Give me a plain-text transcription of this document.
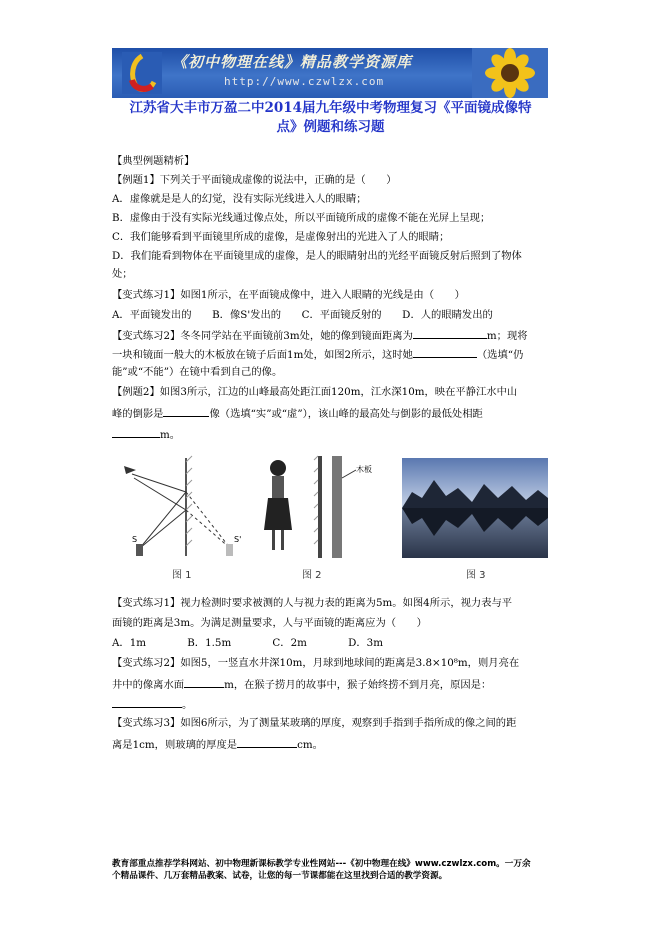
《初中物理在线》精品教学资源库
http://www.czwlzx.com
江苏省大丰市万盈二中2014届九年级中考物理复习《平面镜成像特
点》例题和练习题
【典型例题精析】
【例题1】下列关于平面镜成虚像的说法中，正确的是（　　）
A．虚像就是是人的幻觉，没有实际光线进入人的眼睛；
B．虚像由于没有实际光线通过像点处，所以平面镜所成的虚像不能在光屏上呈现；
C．我们能够看到平面镜里所成的虚像，是虚像射出的光进入了人的眼睛；
D．我们能看到物体在平面镜里成的虚像，是人的眼睛射出的光经平面镜反射后照到了物体
处；
【变式练习1】如图1所示，在平面镜成像中，进入人眼睛的光线是由（　　）
A．平面镜发出的　　B．像S'发出的　　C．平面镜反射的　　D．人的眼睛发出的
【变式练习2】冬冬同学站在平面镜前3m处，她的像到镜面距离为	m；现将
一块和镜面一般大的木板放在镜子后面1m处，如图2所示，这时她	（选填“仍
能”或“不能”）在镜中看到自己的像。
【例题2】如图3所示，江边的山峰最高处距江面120m，江水深10m，映在平静江水中山
峰的倒影是	像（选填“实”或“虚”），该山峰的最高处与倒影的最低处相距
m。
S	S'
图 1
木板
图 2	图 3
【变式练习1】视力检测时要求被测的人与视力表的距离为5m。如图4所示，视力表与平
面镜的距离是3m。为满足测量要求，人与平面镜的距离应为（　　）
A．1m　　　　B．1.5m　　　　C．2m　　　　D．3m
【变式练习2】如图5，一竖直水井深10m，月球到地球间的距离是3.8×10⁸m，则月亮在
井中的像离水面	m，在猴子捞月的故事中，猴子始终捞不到月亮，原因是：
。
【变式练习3】如图6所示，为了测量某玻璃的厚度，观察到手指到手指所成的像之间的距
离是1cm，则玻璃的厚度是	cm。
教育部重点推荐学科网站、初中物理新课标教学专业性网站---《初中物理在线》www.czwlzx.com。一万余
个精品课件、几万套精品教案、试卷，让您的每一节课都能在这里找到合适的教学资源。
